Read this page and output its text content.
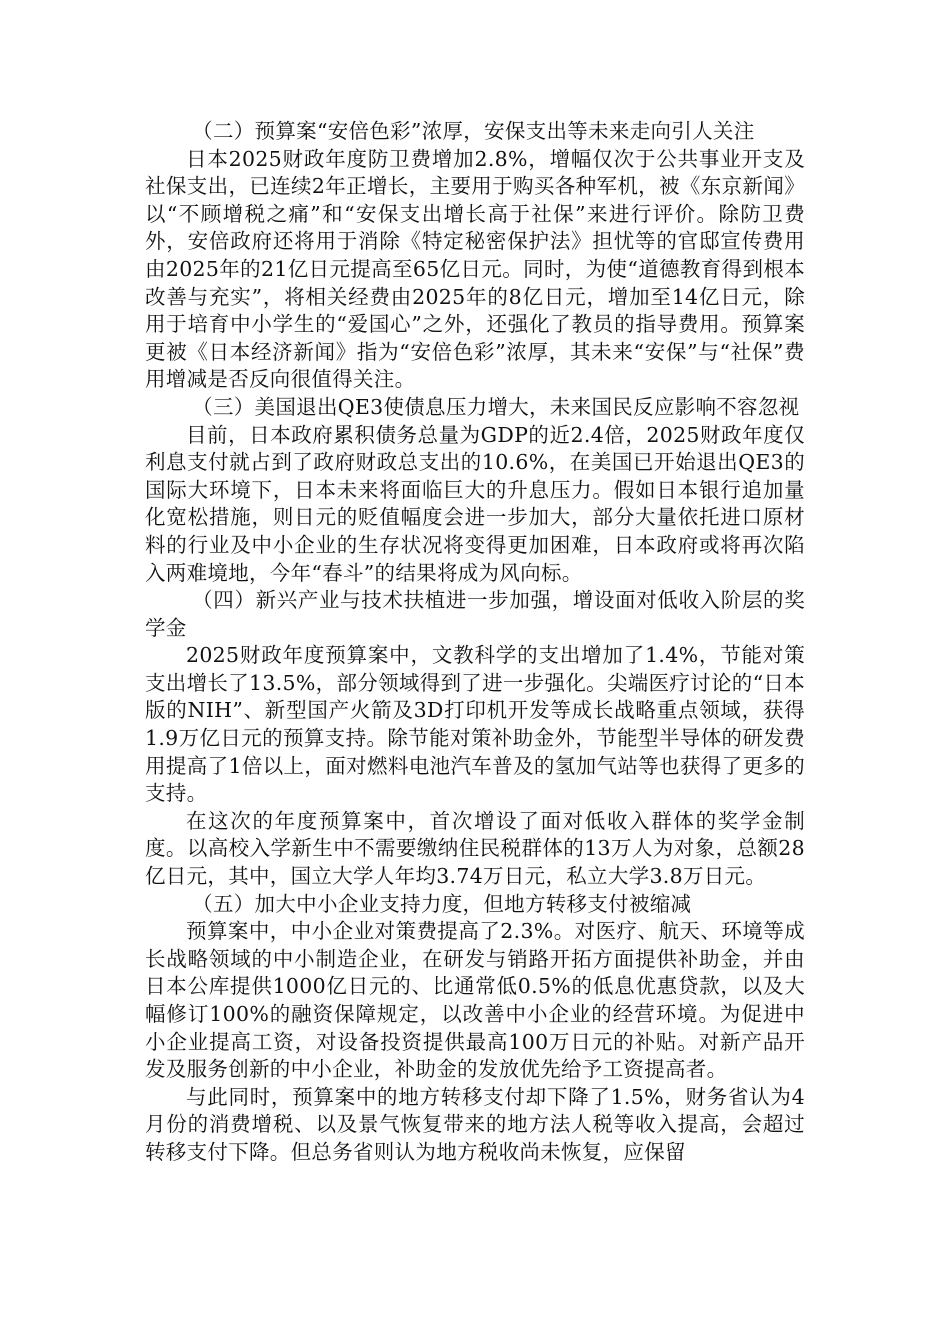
（二）预算案“安倍色彩”浓厚，安保支出等未来走向引人关注

日本2025财政年度防卫费增加2.8%，增幅仅次于公共事业开支及社保支出，已连续2年正增长，主要用于购买各种军机，被《东京新闻》以“不顾增税之痛”和“安保支出增长高于社保”来进行评价。除防卫费外，安倍政府还将用于消除《特定秘密保护法》担忧等的官邸宣传费用由2025年的21亿日元提高至65亿日元。同时，为使“道德教育得到根本改善与充实”，将相关经费由2025年的8亿日元，增加至14亿日元，除用于培育中小学生的“爱国心”之外，还强化了教员的指导费用。预算案更被《日本经济新闻》指为“安倍色彩”浓厚，其未来“安保”与“社保”费用增减是否反向很值得关注。

（三）美国退出QE3使债息压力增大，未来国民反应影响不容忽视

目前，日本政府累积债务总量为GDP的近2.4倍，2025财政年度仅利息支付就占到了政府财政总支出的10.6%，在美国已开始退出QE3的国际大环境下，日本未来将面临巨大的升息压力。假如日本银行追加量化宽松措施，则日元的贬值幅度会进一步加大，部分大量依托进口原材料的行业及中小企业的生存状况将变得更加困难，日本政府或将再次陷入两难境地，今年“春斗”的结果将成为风向标。

（四）新兴产业与技术扶植进一步加强，增设面对低收入阶层的奖学金

2025财政年度预算案中，文教科学的支出增加了1.4%，节能对策支出增长了13.5%，部分领域得到了进一步强化。尖端医疗讨论的“日本版的NIH”、新型国产火箭及3D打印机开发等成长战略重点领域，获得1.9万亿日元的预算支持。除节能对策补助金外，节能型半导体的研发费用提高了1倍以上，面对燃料电池汽车普及的氢加气站等也获得了更多的支持。

在这次的年度预算案中，首次增设了面对低收入群体的奖学金制度。以高校入学新生中不需要缴纳住民税群体的13万人为对象，总额28亿日元，其中，国立大学人年均3.74万日元，私立大学3.8万日元。

（五）加大中小企业支持力度，但地方转移支付被缩减

预算案中，中小企业对策费提高了2.3%。对医疗、航天、环境等成长战略领域的中小制造企业，在研发与销路开拓方面提供补助金，并由日本公库提供1000亿日元的、比通常低0.5%的低息优惠贷款，以及大幅修订100%的融资保障规定，以改善中小企业的经营环境。为促进中小企业提高工资，对设备投资提供最高100万日元的补贴。对新产品开发及服务创新的中小企业，补助金的发放优先给予工资提高者。

与此同时，预算案中的地方转移支付却下降了1.5%，财务省认为4月份的消费增税、以及景气恢复带来的地方法人税等收入提高，会超过转移支付下降。但总务省则认为地方税收尚未恢复，应保留
